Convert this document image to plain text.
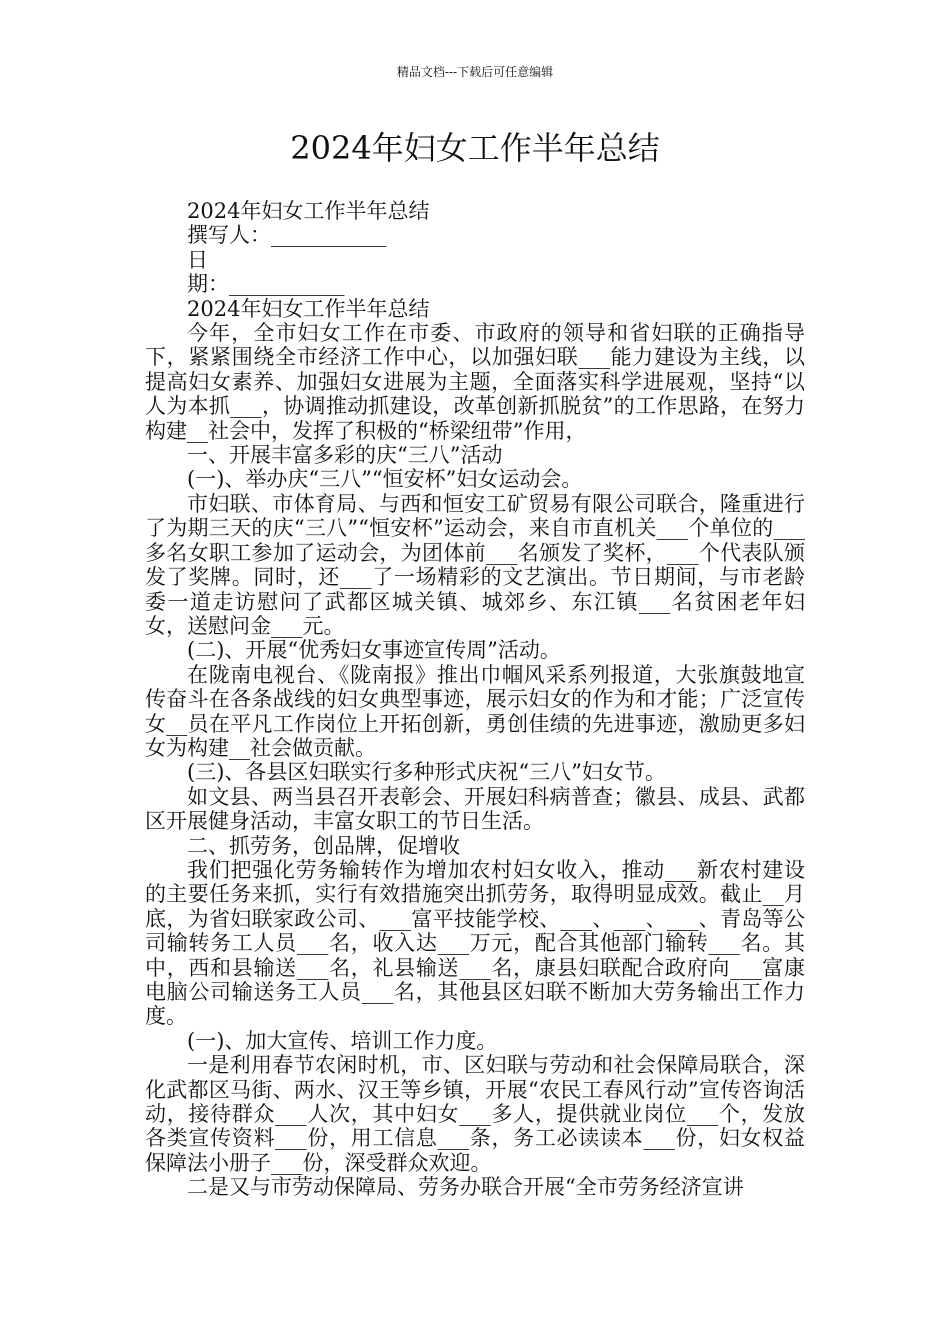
精品文档---下载后可任意编辑
2024年妇女工作半年总结

2024年妇女工作半年总结

撰写人：___________

日

期：___________

2024年妇女工作半年总结

今年，全市妇女工作在市委、市政府的领导和省妇联的正确指导下，紧紧围绕全市经济工作中心，以加强妇联___能力建设为主线，以提高妇女素养、加强妇女进展为主题，全面落实科学进展观，坚持“以人为本抓___，协调推动抓建设，改革创新抓脱贫”的工作思路，在努力构建__社会中，发挥了积极的“桥梁纽带”作用，

一、开展丰富多彩的庆“三八”活动

(一)、举办庆“三八”“恒安杯”妇女运动会。

市妇联、市体育局、与西和恒安工矿贸易有限公司联合，隆重进行了为期三天的庆“三八”“恒安杯”运动会，来自市直机关___个单位的___多名女职工参加了运动会，为团体前___名颁发了奖杯，___个代表队颁发了奖牌。同时，还___了一场精彩的文艺演出。节日期间，与市老龄委一道走访慰问了武都区城关镇、城郊乡、东江镇___名贫困老年妇女，送慰问金___元。

(二)、开展“优秀妇女事迹宣传周”活动。

在陇南电视台、《陇南报》推出巾帼风采系列报道，大张旗鼓地宣传奋斗在各条战线的妇女典型事迹，展示妇女的作为和才能；广泛宣传女__员在平凡工作岗位上开拓创新，勇创佳绩的先进事迹，激励更多妇女为构建__社会做贡献。

(三)、各县区妇联实行多种形式庆祝“三八”妇女节。

如文县、两当县召开表彰会、开展妇科病普查；徽县、成县、武都区开展健身活动，丰富女职工的节日生活。

二、抓劳务，创品牌，促增收

我们把强化劳务输转作为增加农村妇女收入，推动___新农村建设的主要任务来抓，实行有效措施突出抓劳务，取得明显成效。截止__月底，为省妇联家政公司、___富平技能学校、___、___、___、青岛等公司输转务工人员___名，收入达___万元，配合其他部门输转___名。其中，西和县输送___名，礼县输送___名，康县妇联配合政府向___富康电脑公司输送务工人员___名，其他县区妇联不断加大劳务输出工作力度。

(一)、加大宣传、培训工作力度。

一是利用春节农闲时机，市、区妇联与劳动和社会保障局联合，深化武都区马街、两水、汉王等乡镇，开展“农民工春风行动”宣传咨询活动，接待群众___人次，其中妇女___多人，提供就业岗位___个，发放各类宣传资料___份，用工信息___条，务工必读读本___份，妇女权益保障法小册子___份，深受群众欢迎。

二是又与市劳动保障局、劳务办联合开展“全市劳务经济宣讲
